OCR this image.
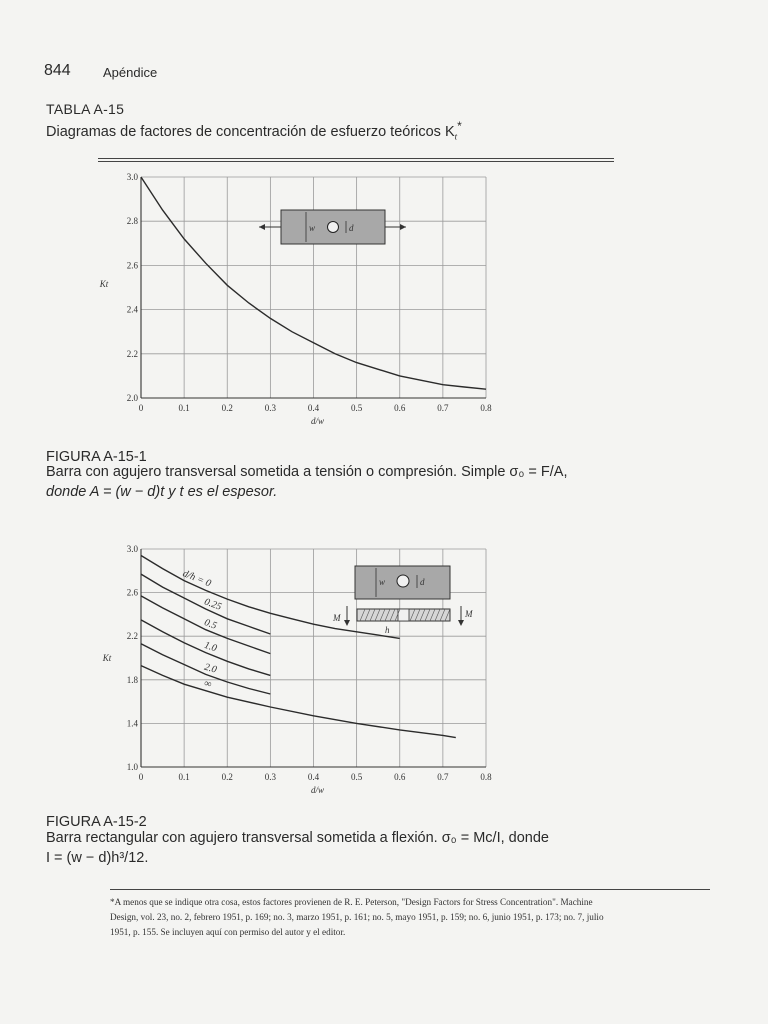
844 Apéndice
TABLA A-15
Diagramas de factores de concentración de esfuerzo teóricos $K_t^*$
FIGURA A-15-1
Barra con agujero transversal sometida a tensión o compresión. Simple σ₀ = F/A,
donde A = (w − d)t y t es el espesor.
FIGURA A-15-2
Barra rectangular con agujero transversal sometida a flexión. σ₀ = Mc/I, donde
I = (w − d)h³/12.
*A menos que se indique otra cosa, estos factores provienen de R. E. Peterson, "Design Factors for Stress Concentration". Machine
Design, vol. 23, no. 2, febrero 1951, p. 169; no. 3, marzo 1951, p. 161; no. 5, mayo 1951, p. 159; no. 6, junio 1951, p. 173; no. 7, julio
1951, p. 155. Se incluyen aquí con permiso del autor y el editor.
0	0.1	0.2	0.3	0.4	0.5	0.6	0.7	0.8
2.0
2.2
2.4
2.6
2.8
3.0
d/w
Kt
w	d
0	0.1	0.2	0.3	0.4	0.5	0.6	0.7	0.8
1.0
1.4
1.8
2.2
2.6
3.0
d/w
Kt
d/h = 0
0.25
0.5
1.0
2.0
∞
w	d
M	M
h
